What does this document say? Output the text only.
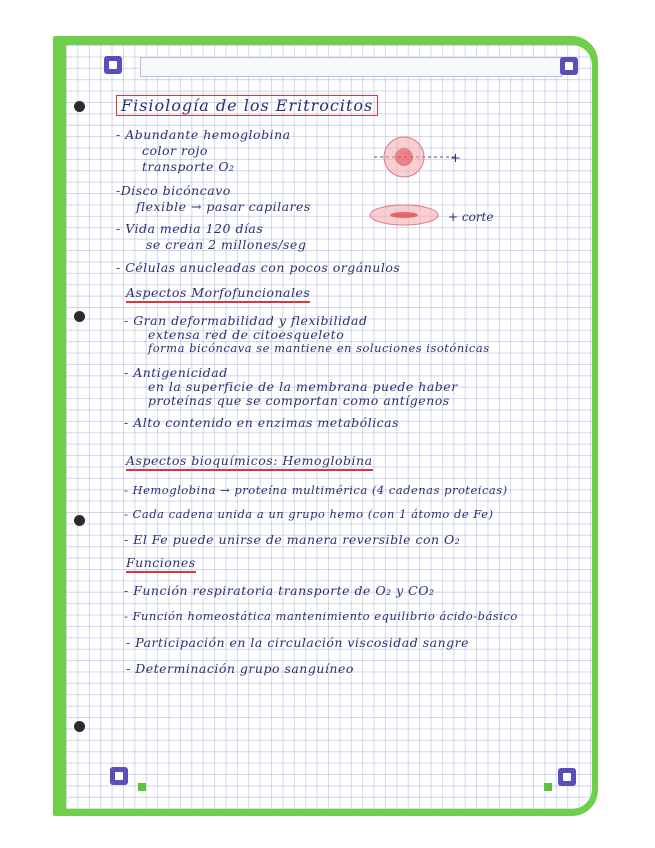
Fisiología de los Eritrocitos

- Abundante hemoglobina

color rojo

transporte O₂

-Disco bicóncavo

flexible → pasar capilares

- Vida media 120 días

se crean 2 millones/seg

- Células anucleadas con pocos orgánulos

+
+ corte

Aspectos Morfofuncionales

- Gran deformabilidad y flexibilidad

extensa red de citoesqueleto

forma bicóncava se mantiene en soluciones isotónicas

- Antigenicidad

en la superficie de la membrana puede haber

proteínas que se comportan como antígenos

- Alto contenido en enzimas metabólicas

Aspectos bioquímicos: Hemoglobina

- Hemoglobina → proteína multimérica (4 cadenas proteicas)

- Cada cadena unida a un grupo hemo (con 1 átomo de Fe)

- El Fe puede unirse de manera reversible con O₂

Funciones

- Función respiratoria transporte de O₂ y CO₂

- Función homeostática mantenimiento equilibrio ácido-básico

- Participación en la circulación viscosidad sangre

- Determinación grupo sanguíneo
